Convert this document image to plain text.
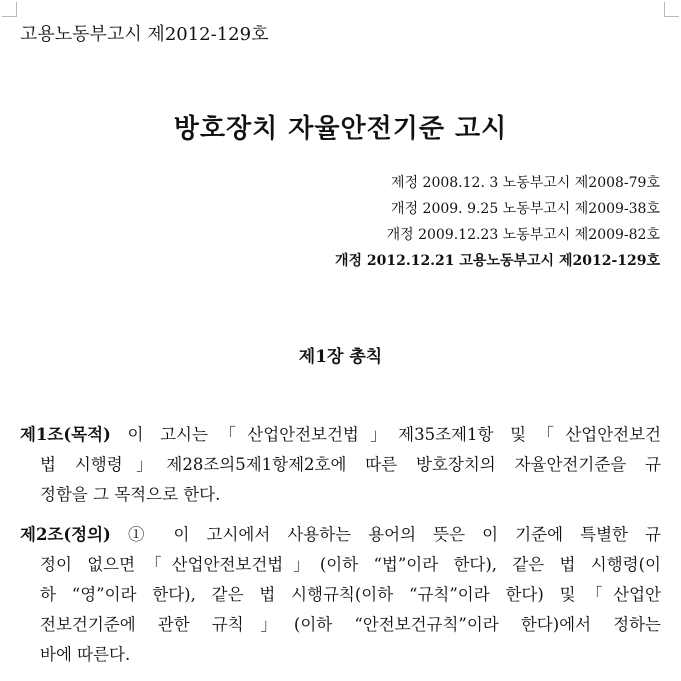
고용노동부고시 제2012-129호
방호장치 자율안전기준 고시
제정 2008.12. 3 노동부고시 제2008-79호
개정 2009. 9.25 노동부고시 제2009-38호
개정 2009.12.23 노동부고시 제2009-82호
개정 2012.12.21 고용노동부고시 제2012-129호
제1장 총칙
제1조(목적) 이 고시는「산업안전보건법」제35조제1항 및「산업안전보건
법 시행령」제28조의5제1항제2호에 따른 방호장치의 자율안전기준을 규
정함을 그 목적으로 한다.
제2조(정의) ① 이 고시에서 사용하는 용어의 뜻은 이 기준에 특별한 규
정이 없으면「산업안전보건법」(이하 “법”이라 한다), 같은 법 시행령(이
하 “영”이라 한다), 같은 법 시행규칙(이하 “규칙”이라 한다) 및「산업안
전보건기준에 관한 규칙」(이하 “안전보건규칙”이라 한다)에서 정하는
바에 따른다.
